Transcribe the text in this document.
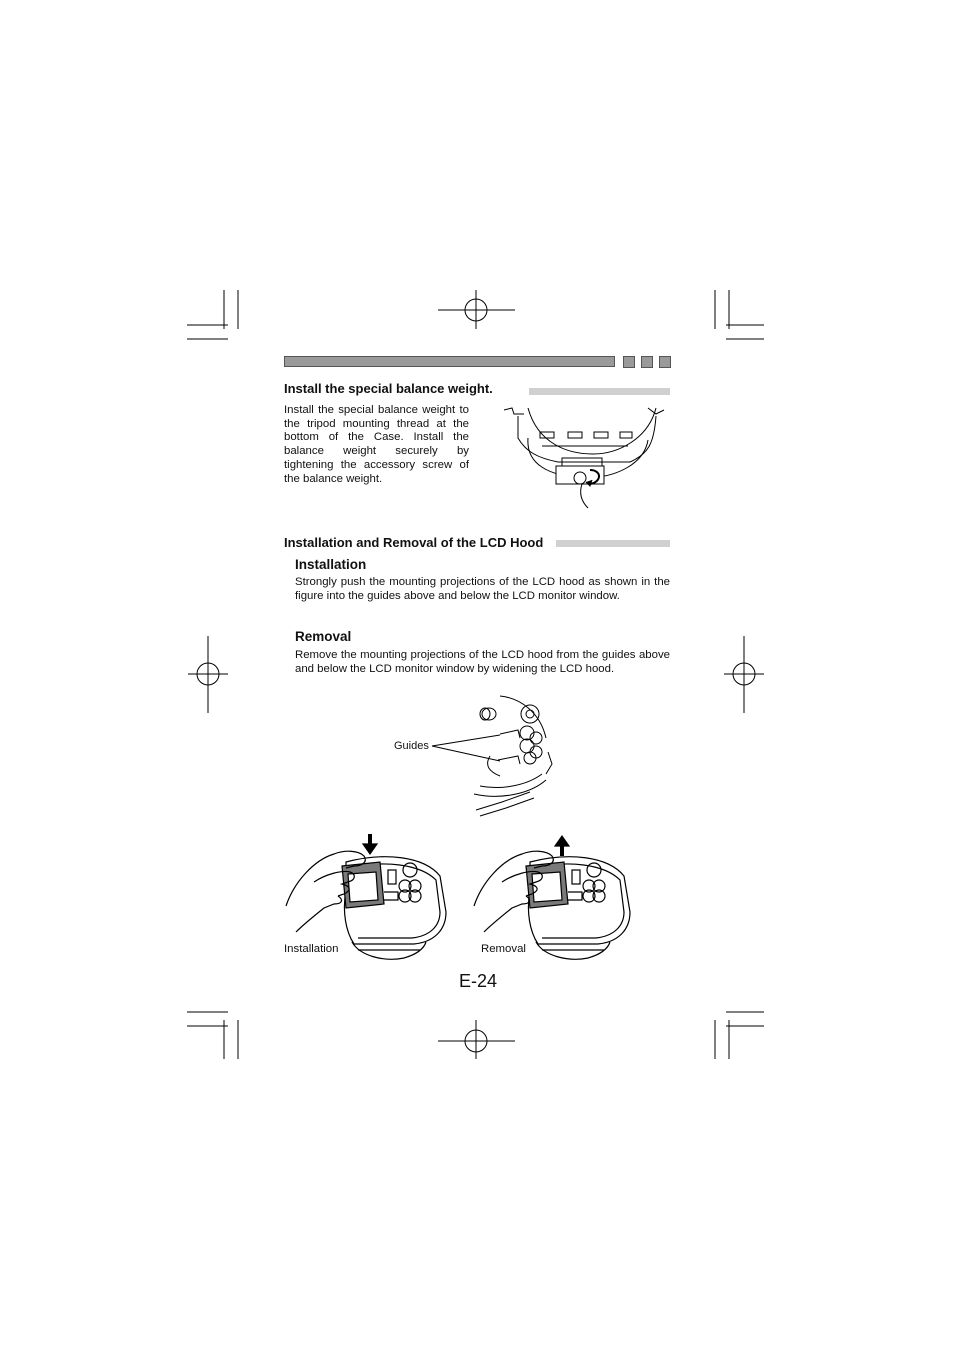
Install the special balance weight.
Install the special balance weight to the tripod mounting thread at the bottom of the Case. Install the balance weight securely by tightening the accessory screw of the balance weight.
Installation and Removal of the LCD Hood
Installation
Strongly push the mounting projections of the LCD hood as shown in the figure into the guides above and below the LCD monitor window.
Removal
Remove the mounting projections of the LCD hood from the guides above and below the LCD monitor window by widening the LCD hood.
Guides
Installation	Removal
E-24
